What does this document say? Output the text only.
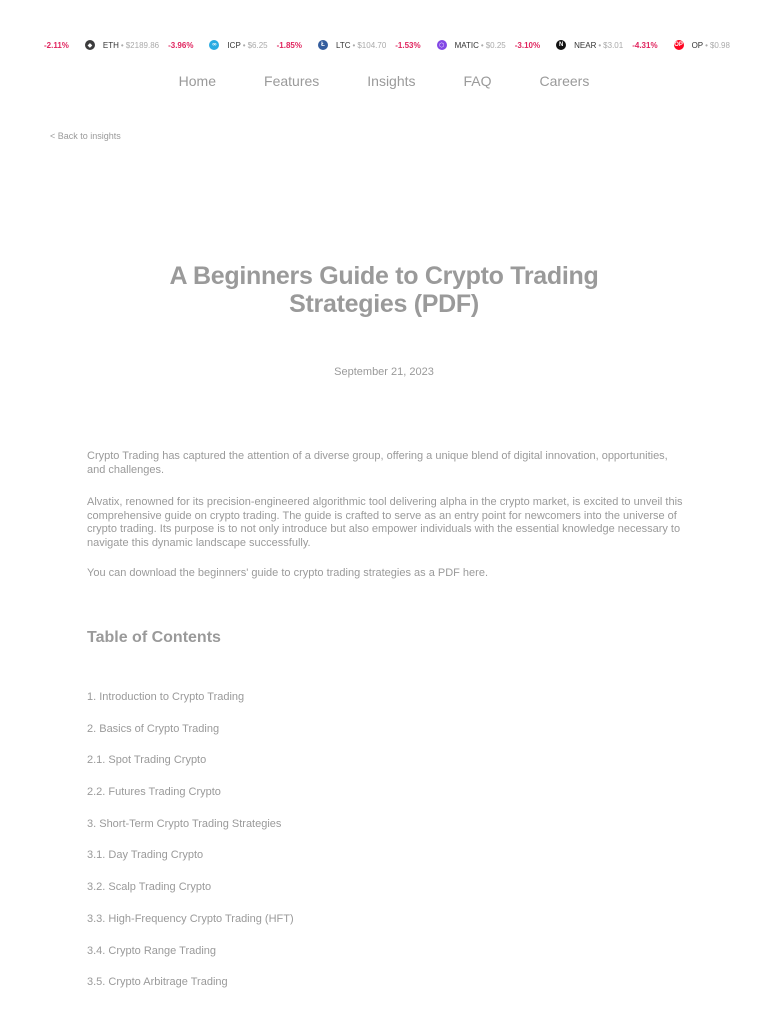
-2.11%	◆	ETH • $2189.86 -3.96%	∞	ICP • $6.25 -1.85%	Ł	LTC • $104.70 -1.53%	⬡ MATIC • $0.25 -3.10%	N	NEAR • $3.01 -4.31%	OP OP • $0.98
Home	Features	Insights	FAQ	Careers
< Back to insights
A Beginners Guide to Crypto Trading Strategies (PDF)
September 21, 2023

Crypto Trading has captured the attention of a diverse group, offering a unique blend of digital innovation, opportunities, and challenges.

Alvatix, renowned for its precision-engineered algorithmic tool delivering alpha in the crypto market, is excited to unveil this comprehensive guide on crypto trading. The guide is crafted to serve as an entry point for newcomers into the universe of crypto trading. Its purpose is to not only introduce but also empower individuals with the essential knowledge necessary to navigate this dynamic landscape successfully.

You can download the beginners' guide to crypto trading strategies as a PDF here.

Table of Contents
1. Introduction to Crypto Trading
2. Basics of Crypto Trading
2.1. Spot Trading Crypto
2.2. Futures Trading Crypto
3. Short-Term Crypto Trading Strategies
3.1. Day Trading Crypto
3.2. Scalp Trading Crypto
3.3. High-Frequency Crypto Trading (HFT)
3.4. Crypto Range Trading
3.5. Crypto Arbitrage Trading
